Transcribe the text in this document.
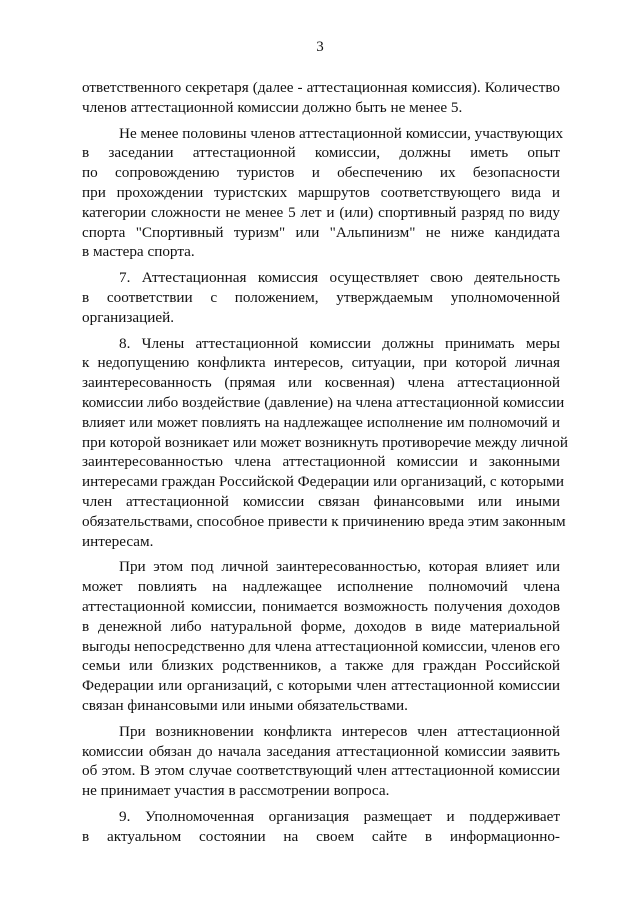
3
ответственного секретаря (далее - аттестационная комиссия). Количество
членов аттестационной комиссии должно быть не менее 5.
Не менее половины членов аттестационной комиссии, участвующих
в заседании аттестационной комиссии, должны иметь опыт
по сопровождению туристов и обеспечению их безопасности
при прохождении туристских маршрутов соответствующего вида и
категории сложности не менее 5 лет и (или) спортивный разряд по виду
спорта "Спортивный туризм" или "Альпинизм" не ниже кандидата
в мастера спорта.
7. Аттестационная комиссия осуществляет свою деятельность
в соответствии с положением, утверждаемым уполномоченной
организацией.
8. Члены аттестационной комиссии должны принимать меры
к недопущению конфликта интересов, ситуации, при которой личная
заинтересованность (прямая или косвенная) члена аттестационной
комиссии либо воздействие (давление) на члена аттестационной комиссии
влияет или может повлиять на надлежащее исполнение им полномочий и
при которой возникает или может возникнуть противоречие между личной
заинтересованностью члена аттестационной комиссии и законными
интересами граждан Российской Федерации или организаций, с которыми
член аттестационной комиссии связан финансовыми или иными
обязательствами, способное привести к причинению вреда этим законным
интересам.
При этом под личной заинтересованностью, которая влияет или
может повлиять на надлежащее исполнение полномочий члена
аттестационной комиссии, понимается возможность получения доходов
в денежной либо натуральной форме, доходов в виде материальной
выгоды непосредственно для члена аттестационной комиссии, членов его
семьи или близких родственников, а также для граждан Российской
Федерации или организаций, с которыми член аттестационной комиссии
связан финансовыми или иными обязательствами.
При возникновении конфликта интересов член аттестационной
комиссии обязан до начала заседания аттестационной комиссии заявить
об этом. В этом случае соответствующий член аттестационной комиссии
не принимает участия в рассмотрении вопроса.
9. Уполномоченная организация размещает и поддерживает
в актуальном состоянии на своем сайте в информационно-
